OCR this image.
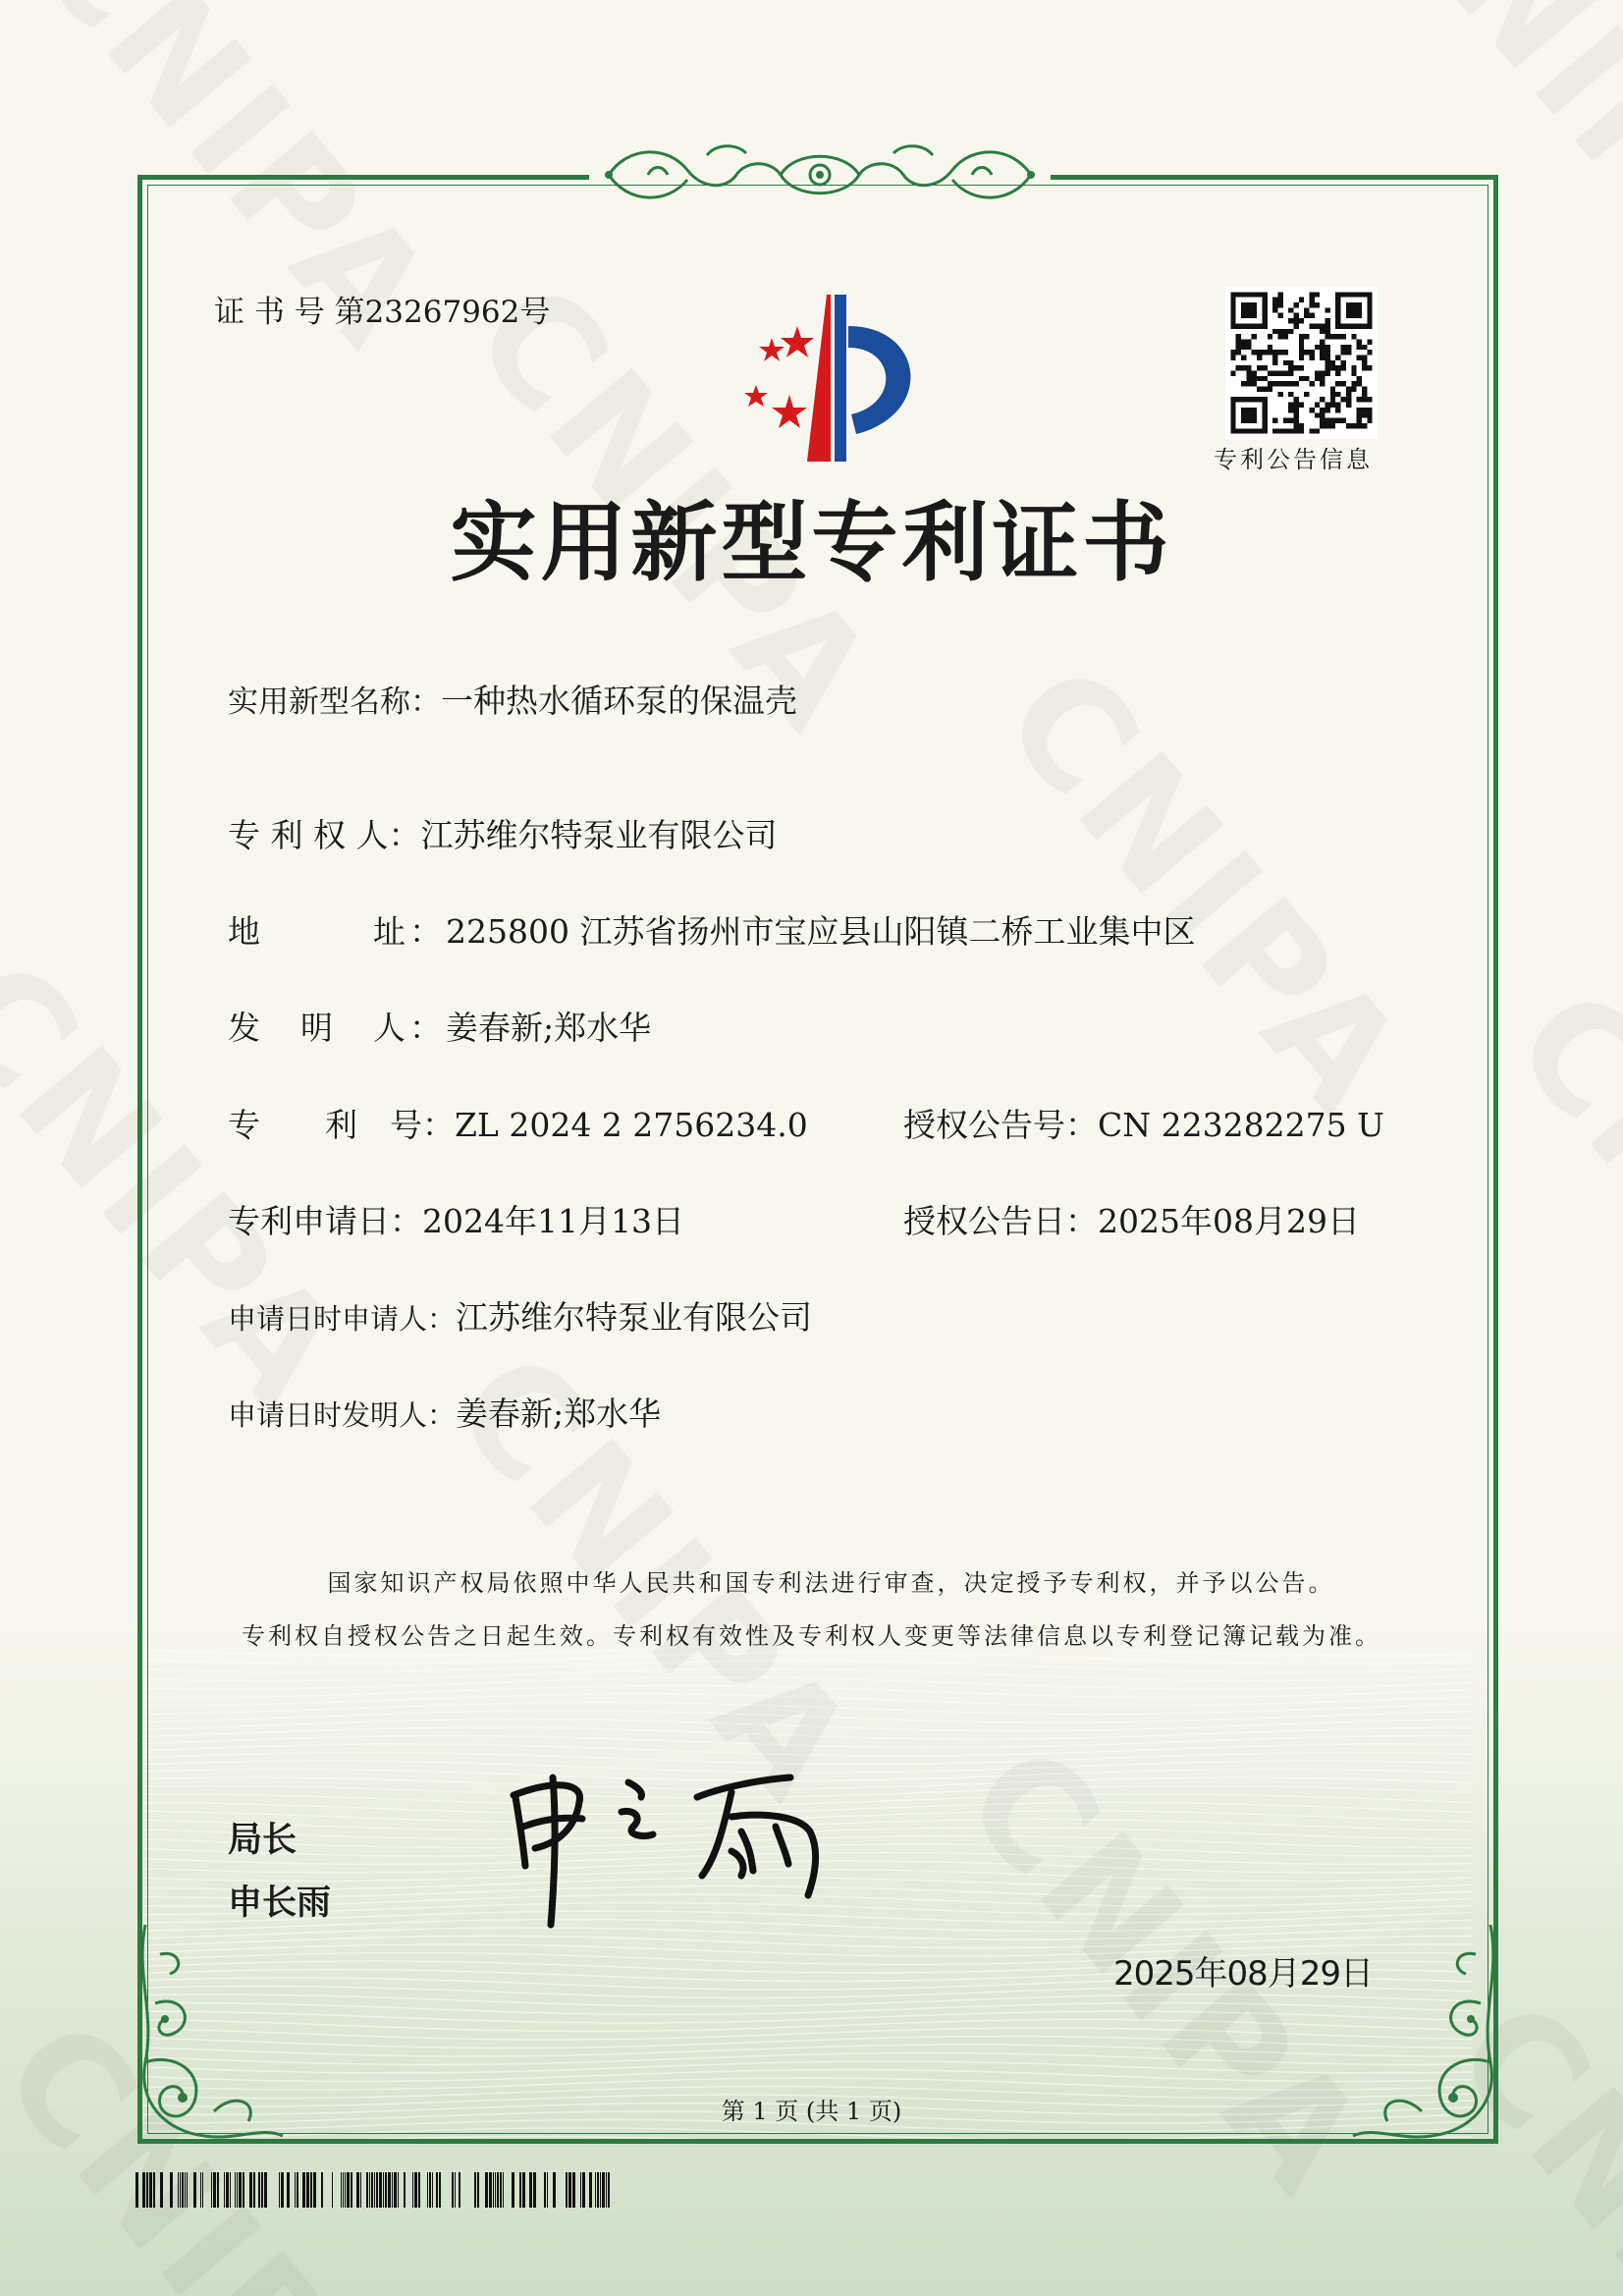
证 书 号 第23267962号
专利公告信息
实用新型专利证书
实用新型名称：一种热水循环泵的保温壳
专 利 权 人：江苏维尔特泵业有限公司
地　　　址：225800 江苏省扬州市宝应县山阳镇二桥工业集中区
发　明　人：姜春新;郑水华
专　　利　号：ZL 2024 2 2756234.0	授权公告号：CN 223282275 U
专利申请日：2024年11月13日	授权公告日：2025年08月29日
申请日时申请人：江苏维尔特泵业有限公司
申请日时发明人：姜春新;郑水华
国家知识产权局依照中华人民共和国专利法进行审查，决定授予专利权，并予以公告。
专利权自授权公告之日起生效。专利权有效性及专利权人变更等法律信息以专利登记簿记载为准。
局长
申长雨
2025年08月29日
第 1 页 (共 1 页)
